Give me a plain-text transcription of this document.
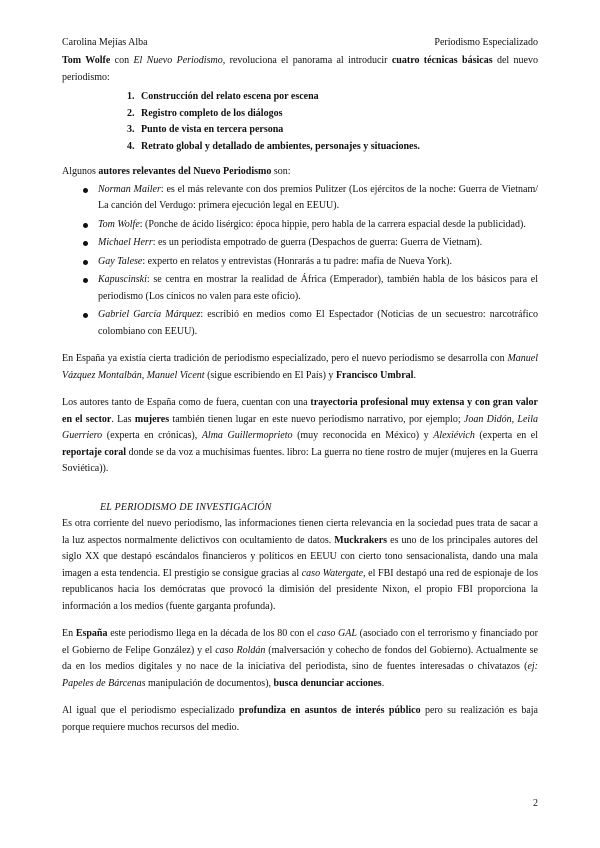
Carolina Mejías Alba	Periodismo Especializado

Tom Wolfe con El Nuevo Periodismo, revoluciona el panorama al introducir cuatro técnicas básicas del nuevo periodismo:

1. Construcción del relato escena por escena
2. Registro completo de los diálogos
3. Punto de vista en tercera persona
4. Retrato global y detallado de ambientes, personajes y situaciones.

Algunos autores relevantes del Nuevo Periodismo son:

Norman Mailer: es el más relevante con dos premios Pulitzer (Los ejércitos de la noche: Guerra de Vietnam/ La canción del Verdugo: primera ejecución legal en EEUU).
Tom Wolfe: (Ponche de ácido lisérgico: época hippie, pero habla de la carrera espacial desde la publicidad).
Michael Herr: es un periodista empotrado de guerra (Despachos de guerra: Guerra de Vietnam).
Gay Talese: experto en relatos y entrevistas (Honrarás a tu padre: mafia de Nueva York).
Kapuscinski: se centra en mostrar la realidad de África (Emperador), también habla de los básicos para el periodismo (Los cínicos no valen para este oficio).
Gabriel García Márquez: escribió en medios como El Espectador (Noticias de un secuestro: narcotráfico colombiano con EEUU).

En España ya existía cierta tradición de periodismo especializado, pero el nuevo periodismo se desarrolla con Manuel Vázquez Montalbán, Manuel Vicent (sigue escribiendo en El País) y Francisco Umbral.

Los autores tanto de España como de fuera, cuentan con una trayectoria profesional muy extensa y con gran valor en el sector. Las mujeres también tienen lugar en este nuevo periodismo narrativo, por ejemplo; Joan Didón, Leila Guerriero (experta en crónicas), Alma Guillermoprieto (muy reconocida en México) y Alexiévich (experta en el reportaje coral donde se da voz a muchísimas fuentes. libro: La guerra no tiene rostro de mujer (mujeres en la Guerra Soviética)).

EL PERIODISMO DE INVESTIGACIÓN

Es otra corriente del nuevo periodismo, las informaciones tienen cierta relevancia en la sociedad pues trata de sacar a la luz aspectos normalmente delictivos con ocultamiento de datos. Muckrakers es uno de los principales autores del siglo XX que destapó escándalos financieros y políticos en EEUU con cierto tono sensacionalista, dando una mala imagen a esta tendencia. El prestigio se consigue gracias al caso Watergate, el FBI destapó una red de espionaje de los republicanos hacia los demócratas que provocó la dimisión del presidente Nixon, el propio FBI proporciona la información a los medios (fuente garganta profunda).

En España este periodismo llega en la década de los 80 con el caso GAL (asociado con el terrorismo y financiado por el Gobierno de Felipe González) y el caso Roldán (malversación y cohecho de fondos del Gobierno). Actualmente se da en los medios digitales y no nace de la iniciativa del periodista, sino de fuentes interesadas o chivatazos (ej: Papeles de Bárcenas manipulación de documentos), busca denunciar acciones.

Al igual que el periodismo especializado profundiza en asuntos de interés público pero su realización es baja porque requiere muchos recursos del medio.

2
